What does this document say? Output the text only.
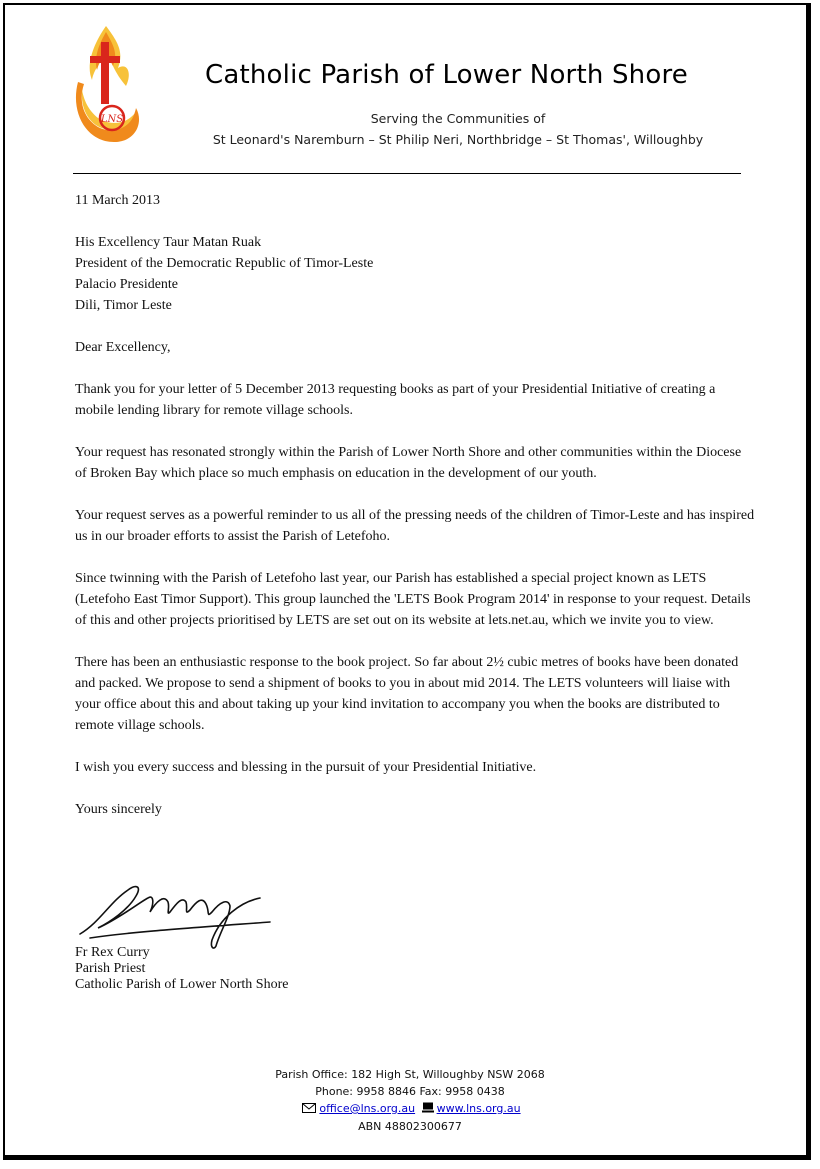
LNS
Catholic Parish of Lower North Shore
Serving the Communities of
St Leonard's Naremburn – St Philip Neri, Northbridge – St Thomas', Willoughby

11 March 2013

His Excellency Taur Matan Ruak
President of the Democratic Republic of Timor-Leste
Palacio Presidente
Dili, Timor Leste

Dear Excellency,

Thank you for your letter of 5 December 2013 requesting books as part of your Presidential Initiative of creating a mobile lending library for remote village schools.

Your request has resonated strongly within the Parish of Lower North Shore and other communities within the Diocese of Broken Bay which place so much emphasis on education in the development of our youth.

Your request serves as a powerful reminder to us all of the pressing needs of the children of Timor-Leste and has inspired us in our broader efforts to assist the Parish of Letefoho.

Since twinning with the Parish of Letefoho last year, our Parish has established a special project known as LETS (Letefoho East Timor Support). This group launched the 'LETS Book Program 2014' in response to your request. Details of this and other projects prioritised by LETS are set out on its website at lets.net.au, which we invite you to view.

There has been an enthusiastic response to the book project. So far about 2½ cubic metres of books have been donated and packed. We propose to send a shipment of books to you in about mid 2014. The LETS volunteers will liaise with your office about this and about taking up your kind invitation to accompany you when the books are distributed to remote village schools.

I wish you every success and blessing in the pursuit of your Presidential Initiative.

Yours sincerely

Fr Rex Curry
Parish Priest
Catholic Parish of Lower North Shore
Parish Office: 182 High St, Willoughby NSW 2068
Phone: 9958 8846 Fax: 9958 0438
office@lns.org.au www.lns.org.au
ABN 48802300677
